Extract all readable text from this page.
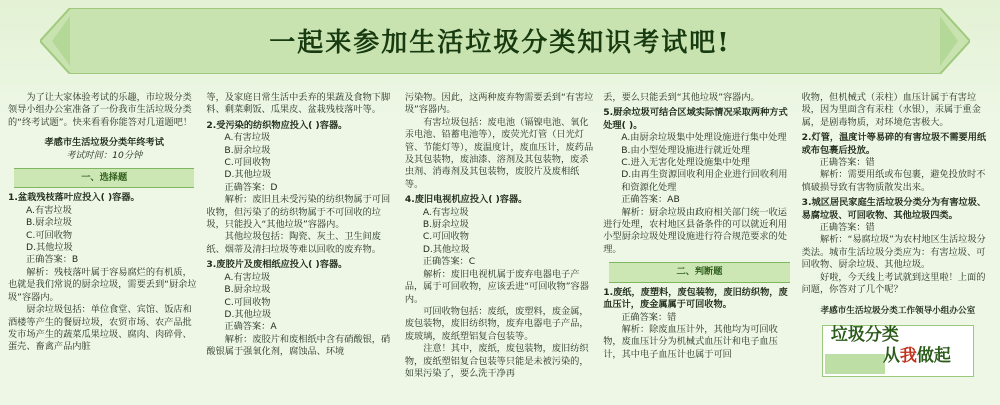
一起来参加生活垃圾分类知识考试吧!

为了让大家体验考试的乐趣，市垃圾分类领导小组办公室准备了一份我市生活垃圾分类的“终考试题”。快来看看你能答对几道题吧！

孝感市生活垃圾分类年终考试

考试时间：10分钟

一、选择题

1.盆栽残枝落叶应投入( )容器。

A.有害垃圾

B.厨余垃圾

C.可回收物

D.其他垃圾

正确答案：B

解析：残枝落叶属于容易腐烂的有机质，也就是我们常说的厨余垃圾，需要丢到“厨余垃圾”容器内。

厨余垃圾包括：单位食堂、宾馆、饭店和酒楼等产生的餐厨垃圾，农贸市场、农产品批发市场产生的蔬菜瓜果垃圾、腐肉、肉碎骨、蛋壳、畜禽产品内脏

等，及家庭日常生活中丢弃的果蔬及食物下脚料、剩菜剩饭、瓜果皮、盆栽残枝落叶等。

2.受污染的纺织物应投入( )容器。

A.有害垃圾

B.厨余垃圾

C.可回收物

D.其他垃圾

正确答案：D

解析：废旧且未受污染的纺织物属于可回收物，但污染了的纺织物属于不可回收的垃圾，只能投入“其他垃圾”容器内。

其他垃圾包括：陶瓷、灰土、卫生间废纸、烟蒂及清扫垃圾等难以回收的废弃物。

3.废胶片及废相纸应投入( )容器。

A.有害垃圾

B.厨余垃圾

C.可回收物

D.其他垃圾

正确答案：A

解析：废胶片和废相纸中含有硝酸银，硝酸银属于强氧化剂，腐蚀品、环境

污染物。因此，这两种废弃物需要丢到“有害垃圾”容器内。

有害垃圾包括：废电池（镉镍电池、氧化汞电池、铅蓄电池等），废荧光灯管（日光灯管、节能灯等），废温度计，废血压计，废药品及其包装物，废油漆、溶剂及其包装物，废杀虫剂、消毒剂及其包装物，废胶片及废相纸等。

4.废旧电视机应投入( )容器。

A.有害垃圾

B.厨余垃圾

C.可回收物

D.其他垃圾

正确答案：C

解析：废旧电视机属于废弃电器电子产品，属于可回收物，应该丢进“可回收物”容器内。

可回收物包括：废纸，废塑料，废金属，废包装物，废旧纺织物，废弃电器电子产品，废玻璃，废纸塑铝复合包装等。

注意！其中，废纸，废包装物，废旧纺织物，废纸塑铝复合包装等只能是未被污染的，如果污染了，要么洗干净再

丢，要么只能丢到“其他垃圾”容器内。

5.厨余垃圾可结合区域实际情况采取两种方式处理( )。

A.由厨余垃圾集中处理设施进行集中处理

B.由小型处理设施进行就近处理

C.进入无害化处理设施集中处理

D.由再生资源回收利用企业进行回收利用和资源化处理

正确答案：AB

解析：厨余垃圾由政府相关部门统一收运进行处理，农村地区县备条件的可以就近利用小型厨余垃圾处理设施进行符合规范要求的处理。

二、判断题

1.废纸，废塑料，废包装物，废旧纺织物，废血压计，废金属属于可回收物。

正确答案：错

解析：除废血压计外，其他均为可回收物，废血压计分为机械式血压计和电子血压计，其中电子血压计也属于可回

收物，但机械式（汞柱）血压计属于有害垃圾，因为里面含有汞柱（水银），汞属于重金属，是剧毒物质，对环境危害极大。

2.灯管，温度计等易碎的有害垃圾不需要用纸或布包裹后投放。

正确答案：错

解析：需要用纸或布包裹，避免投放时不慎破损导致有害物质散发出来。

3.城区居民家庭生活垃圾分类分为有害垃圾、易腐垃圾、可回收物、其他垃圾四类。

正确答案：错

解析：“易腐垃圾”为农村地区生活垃圾分类法。城市生活垃圾分类应为：有害垃圾、可回收物、厨余垃圾、其他垃圾。

好啦，今天线上考试就到这里啦！上面的问题，你答对了几个呢？

孝感市生活垃圾分类工作领导小组办公室

垃圾分类
从我做起
